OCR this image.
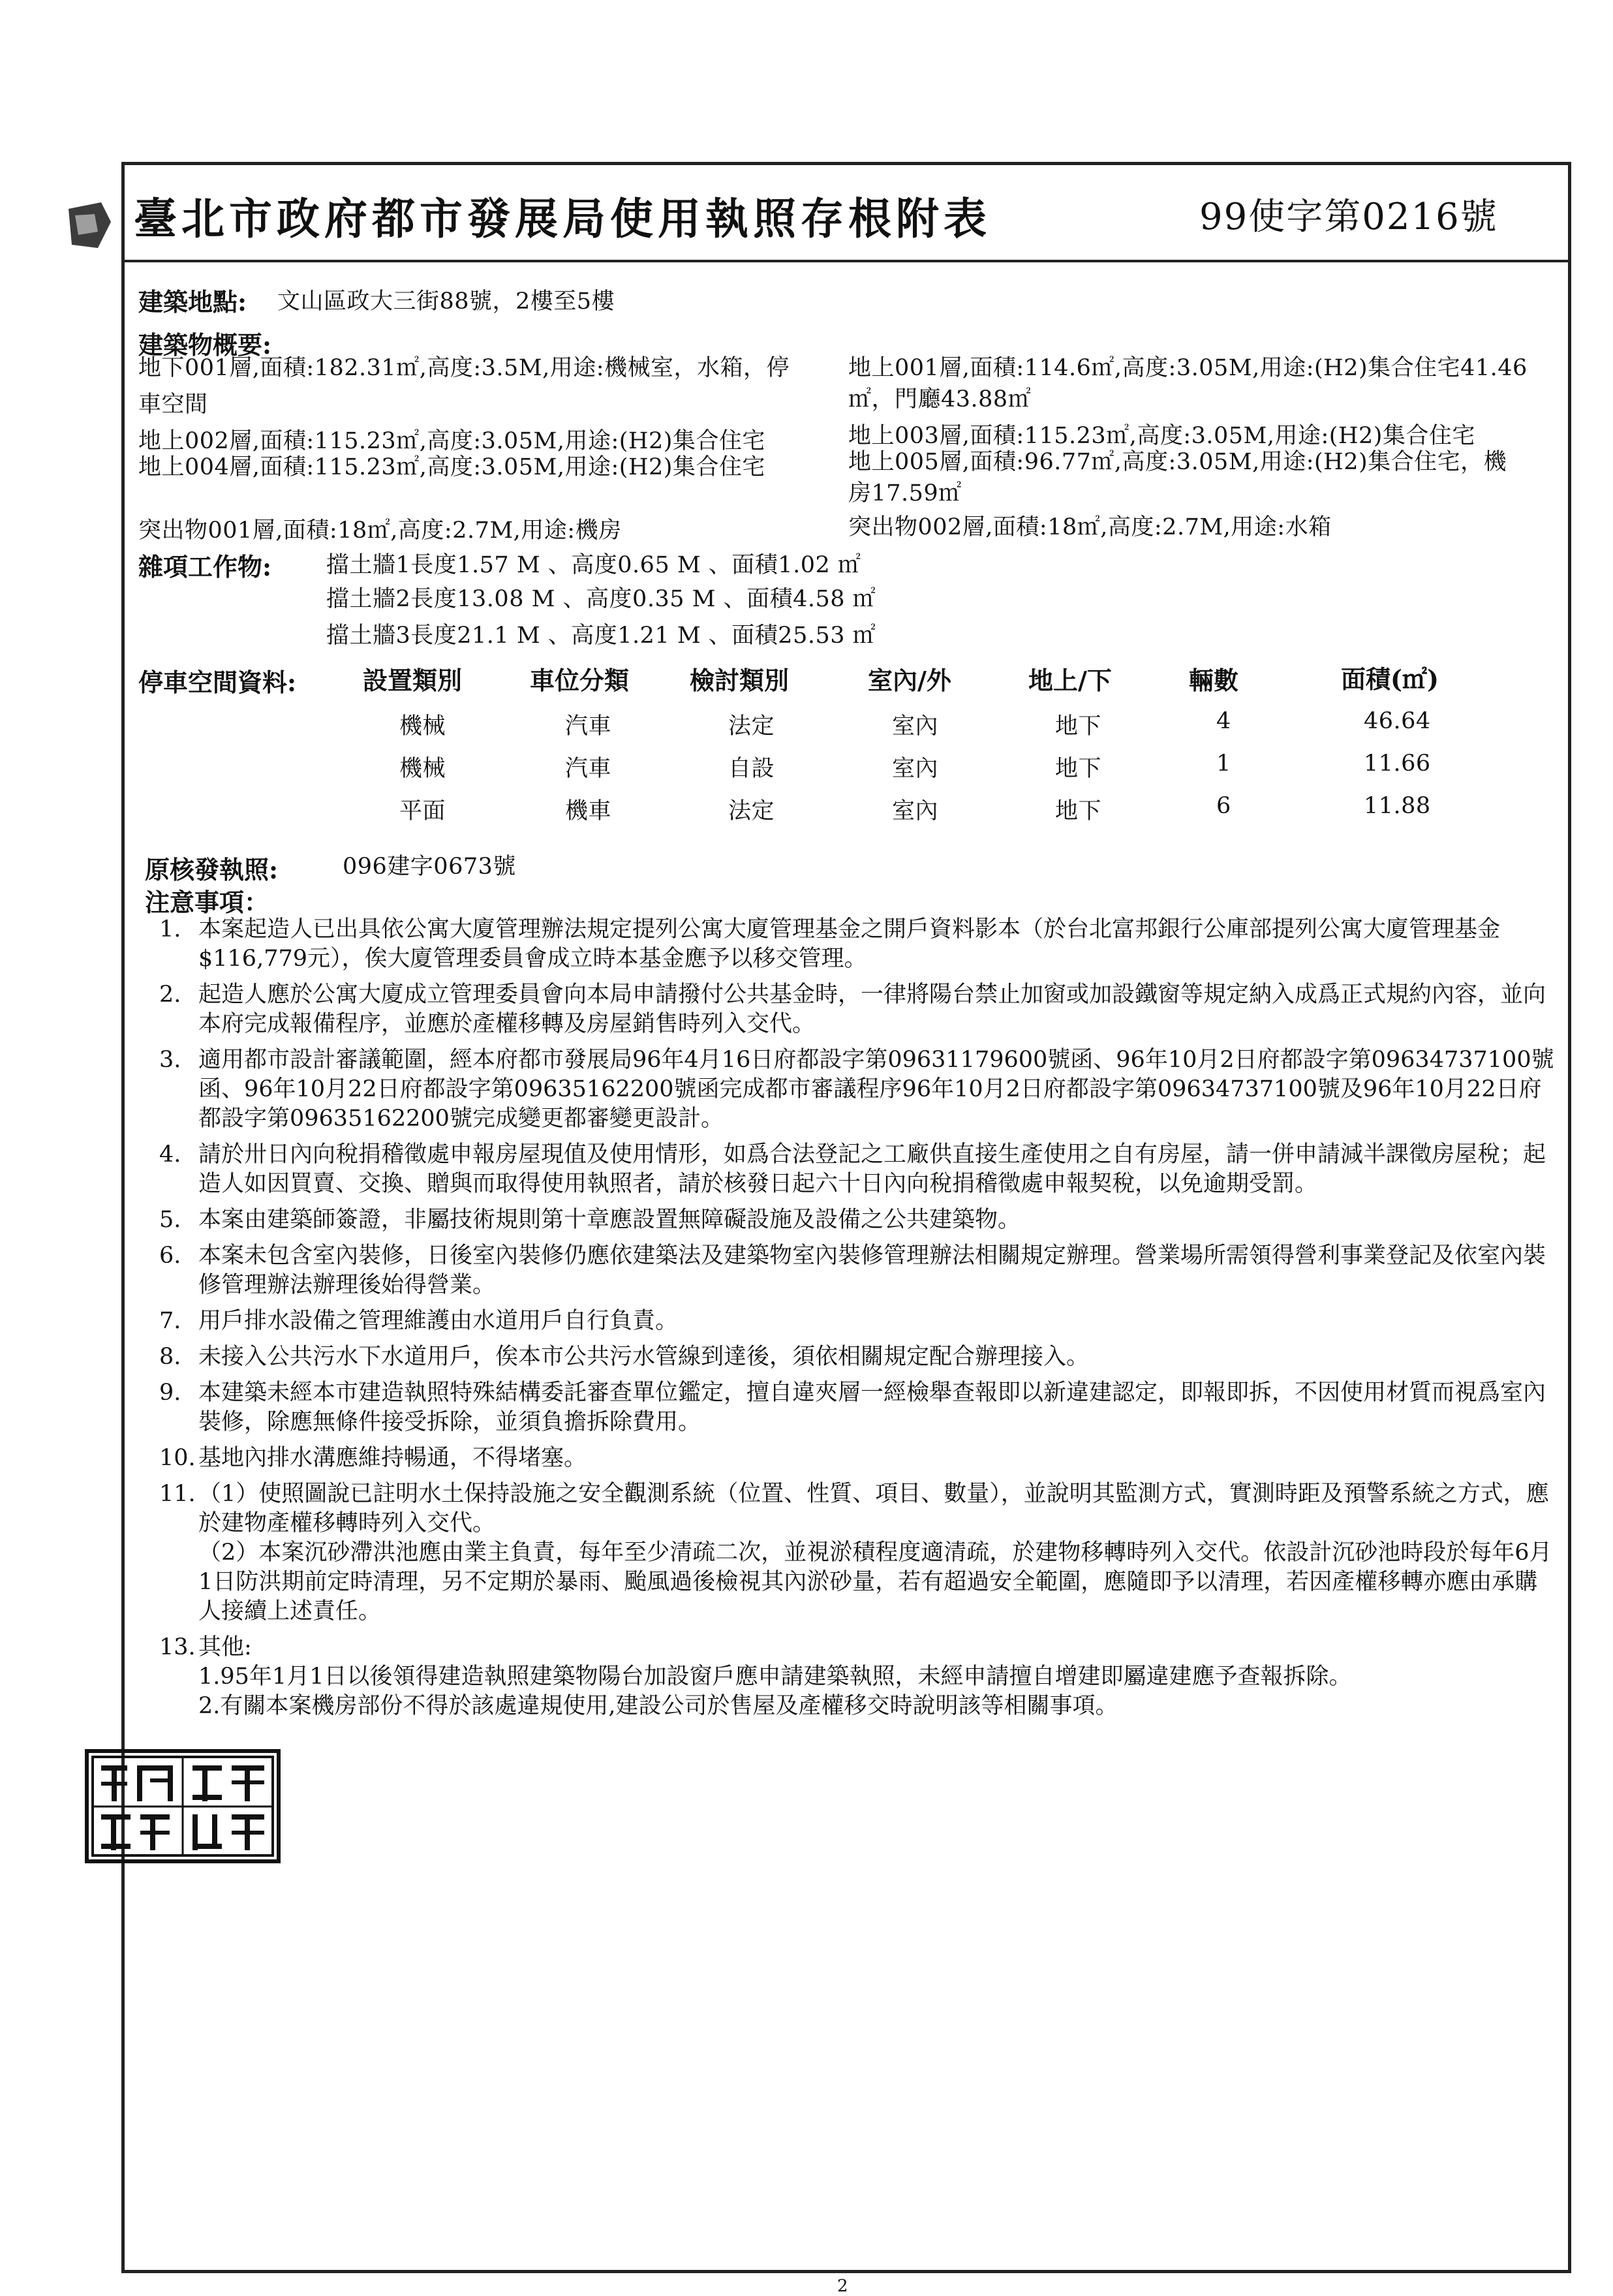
臺北市政府都市發展局使用執照存根附表	99使字第0216號
建築地點: 文山區政大三街88號，2樓至5樓
建築物概要:
地下001層,面積:182.31㎡,高度:3.5M,用途:機械室，水箱，停
車空間
地上002層,面積:115.23㎡,高度:3.05M,用途:(H2)集合住宅
地上004層,面積:115.23㎡,高度:3.05M,用途:(H2)集合住宅
突出物001層,面積:18㎡,高度:2.7M,用途:機房
地上001層,面積:114.6㎡,高度:3.05M,用途:(H2)集合住宅41.46
㎡，門廳43.88㎡
地上003層,面積:115.23㎡,高度:3.05M,用途:(H2)集合住宅
地上005層,面積:96.77㎡,高度:3.05M,用途:(H2)集合住宅，機
房17.59㎡
突出物002層,面積:18㎡,高度:2.7M,用途:水箱
雜項工作物: 擋土牆1長度1.57 M 、高度0.65 M 、面積1.02 ㎡
擋土牆2長度13.08 M 、高度0.35 M 、面積4.58 ㎡
擋土牆3長度21.1 M 、高度1.21 M 、面積25.53 ㎡
停車空間資料:	設置類別	車位分類 檢討類別	室內/外	地上/下	輛數	面積(㎡)
機械	汽車	法定	室內	地下	4	46.64
機械	汽車	自設	室內	地下	1	11.66
平面	機車	法定	室內	地下	6	11.88
原核發執照:	096建字0673號
注意事項：
1. 本案起造人已出具依公寓大廈管理辦法規定提列公寓大廈管理基金之開戶資料影本（於台北富邦銀行公庫部提列公寓大廈管理基金$116,779元），俟大廈管理委員會成立時本基金應予以移交管理。
2. 起造人應於公寓大廈成立管理委員會向本局申請撥付公共基金時，一律將陽台禁止加窗或加設鐵窗等規定納入成爲正式規約內容，並向本府完成報備程序，並應於產權移轉及房屋銷售時列入交代。
3. 適用都市設計審議範圍，經本府都市發展局96年4月16日府都設字第09631179600號函、96年10月2日府都設字第09634737100號函、96年10月22日府都設字第09635162200號函完成都市審議程序96年10月2日府都設字第09634737100號及96年10月22日府都設字第09635162200號完成變更都審變更設計。
4. 請於卅日內向稅捐稽徵處申報房屋現值及使用情形，如爲合法登記之工廠供直接生產使用之自有房屋，請一併申請減半課徵房屋稅；起造人如因買賣、交換、贈與而取得使用執照者，請於核發日起六十日內向稅捐稽徵處申報契稅，以免逾期受罰。
5. 本案由建築師簽證，非屬技術規則第十章應設置無障礙設施及設備之公共建築物。
6. 本案未包含室內裝修，日後室內裝修仍應依建築法及建築物室內裝修管理辦法相關規定辦理。營業場所需領得營利事業登記及依室內裝修管理辦法辦理後始得營業。
7. 用戶排水設備之管理維護由水道用戶自行負責。
8. 未接入公共污水下水道用戶，俟本市公共污水管線到達後，須依相關規定配合辦理接入。
9. 本建築未經本市建造執照特殊結構委託審查單位鑑定，擅自違夾層一經檢舉查報即以新違建認定，即報即拆，不因使用材質而視爲室內裝修，除應無條件接受拆除，並須負擔拆除費用。
10. 基地內排水溝應維持暢通，不得堵塞。
11. （1）使照圖說已註明水土保持設施之安全觀測系統（位置、性質、項目、數量），並說明其監測方式，實測時距及預警系統之方式，應於建物產權移轉時列入交代。
（2）本案沉砂滯洪池應由業主負責，每年至少清疏二次，並視淤積程度適清疏，於建物移轉時列入交代。依設計沉砂池時段於每年6月1日防洪期前定時清理，另不定期於暴雨、颱風過後檢視其內淤砂量，若有超過安全範圍，應隨即予以清理，若因產權移轉亦應由承購人接續上述責任。
13. 其他:
1.95年1月1日以後領得建造執照建築物陽台加設窗戶應申請建築執照，未經申請擅自增建即屬違建應予查報拆除。
2.有關本案機房部份不得於該處違規使用,建設公司於售屋及產權移交時說明該等相關事項。
2
